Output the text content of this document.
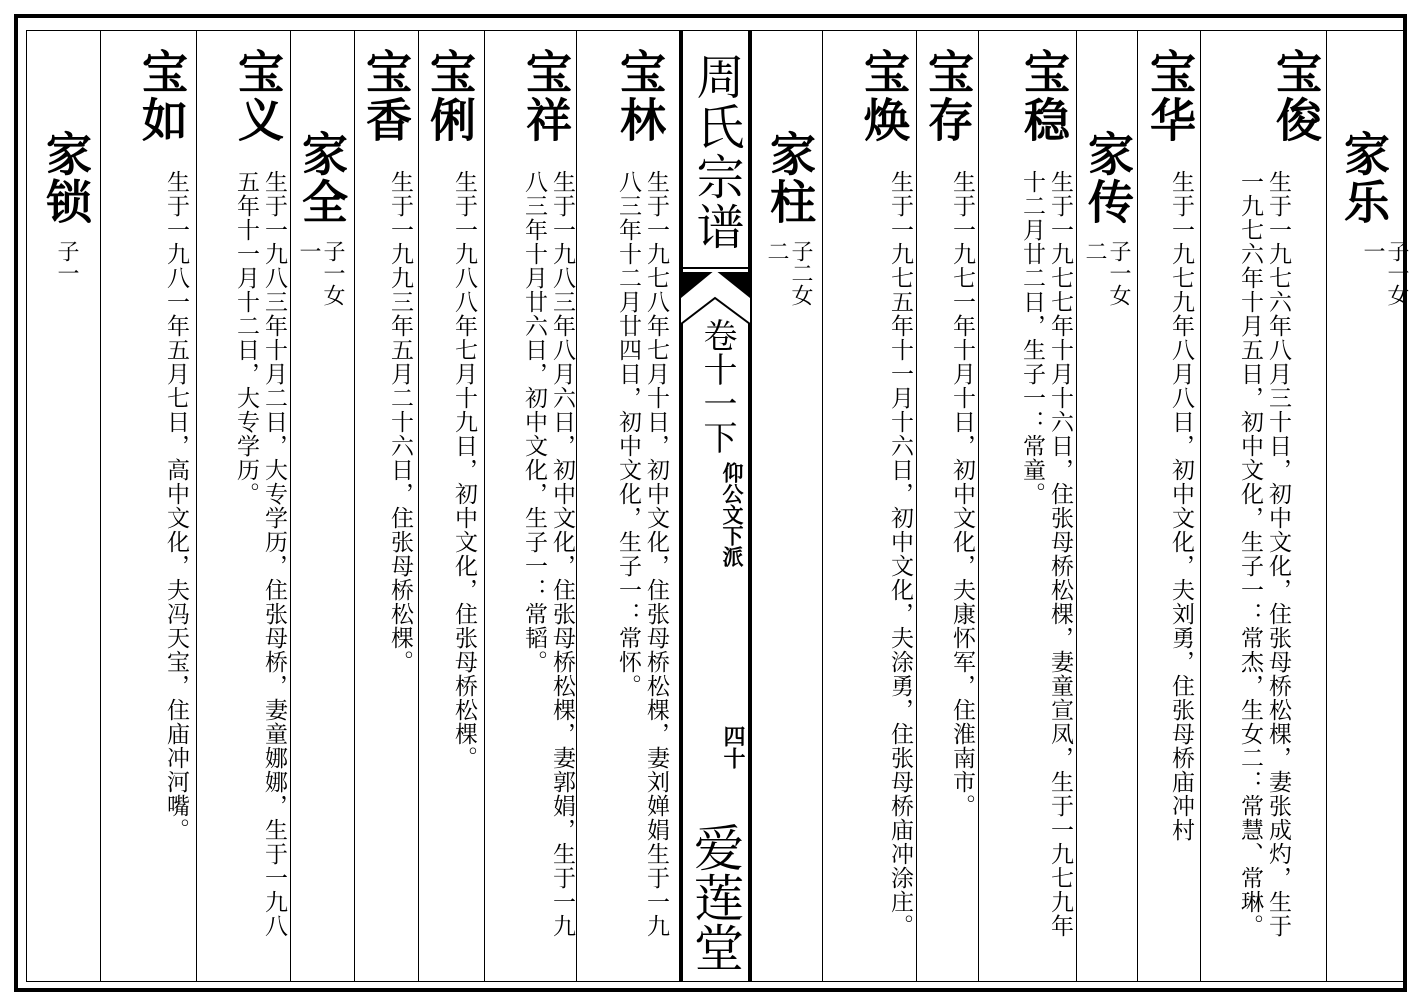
周氏宗谱
卷十一下
仰公文下派
四十
爱莲堂
家乐
子一女一
宝俊
生于一九七六年八月三十日，初中文化，住张母桥松棵，妻张成灼，生于一九七六年十月五日，初中文化，生子一：常杰，生女二：常慧、常琳。
宝华
生于一九七九年八月八日，初中文化，夫刘勇，住张母桥庙冲村
家传
子一女二
宝稳
生于一九七七年十月十六日，住张母桥松棵，妻童宣凤，生于一九七九年十二月廿二日，生子一：常童。
宝存
生于一九七一年十月十日，初中文化，夫康怀军，住淮南市。
宝焕
生于一九七五年十一月十六日，初中文化，夫涂勇，住张母桥庙冲涂庄。
家柱
子二女二
宝林
生于一九七八年七月十日，初中文化，住张母桥松棵，妻刘婵娟生于一九八三年十二月廿四日，初中文化，生子一：常怀。
宝祥
生于一九八三年八月六日，初中文化，住张母桥松棵，妻郭娟，生于一九八三年十月廿六日，初中文化，生子一：常韬。
宝俐
生于一九八八年七月十九日，初中文化，住张母桥松棵。
宝香
生于一九九三年五月二十六日，住张母桥松棵。
家全
子一女一
宝义
生于一九八三年十月二日，大专学历，住张母桥，妻童娜娜，生于一九八五年十一月十二日，大专学历。
宝如
生于一九八一年五月七日，高中文化，夫冯天宝，住庙冲河嘴。
家锁
子一
